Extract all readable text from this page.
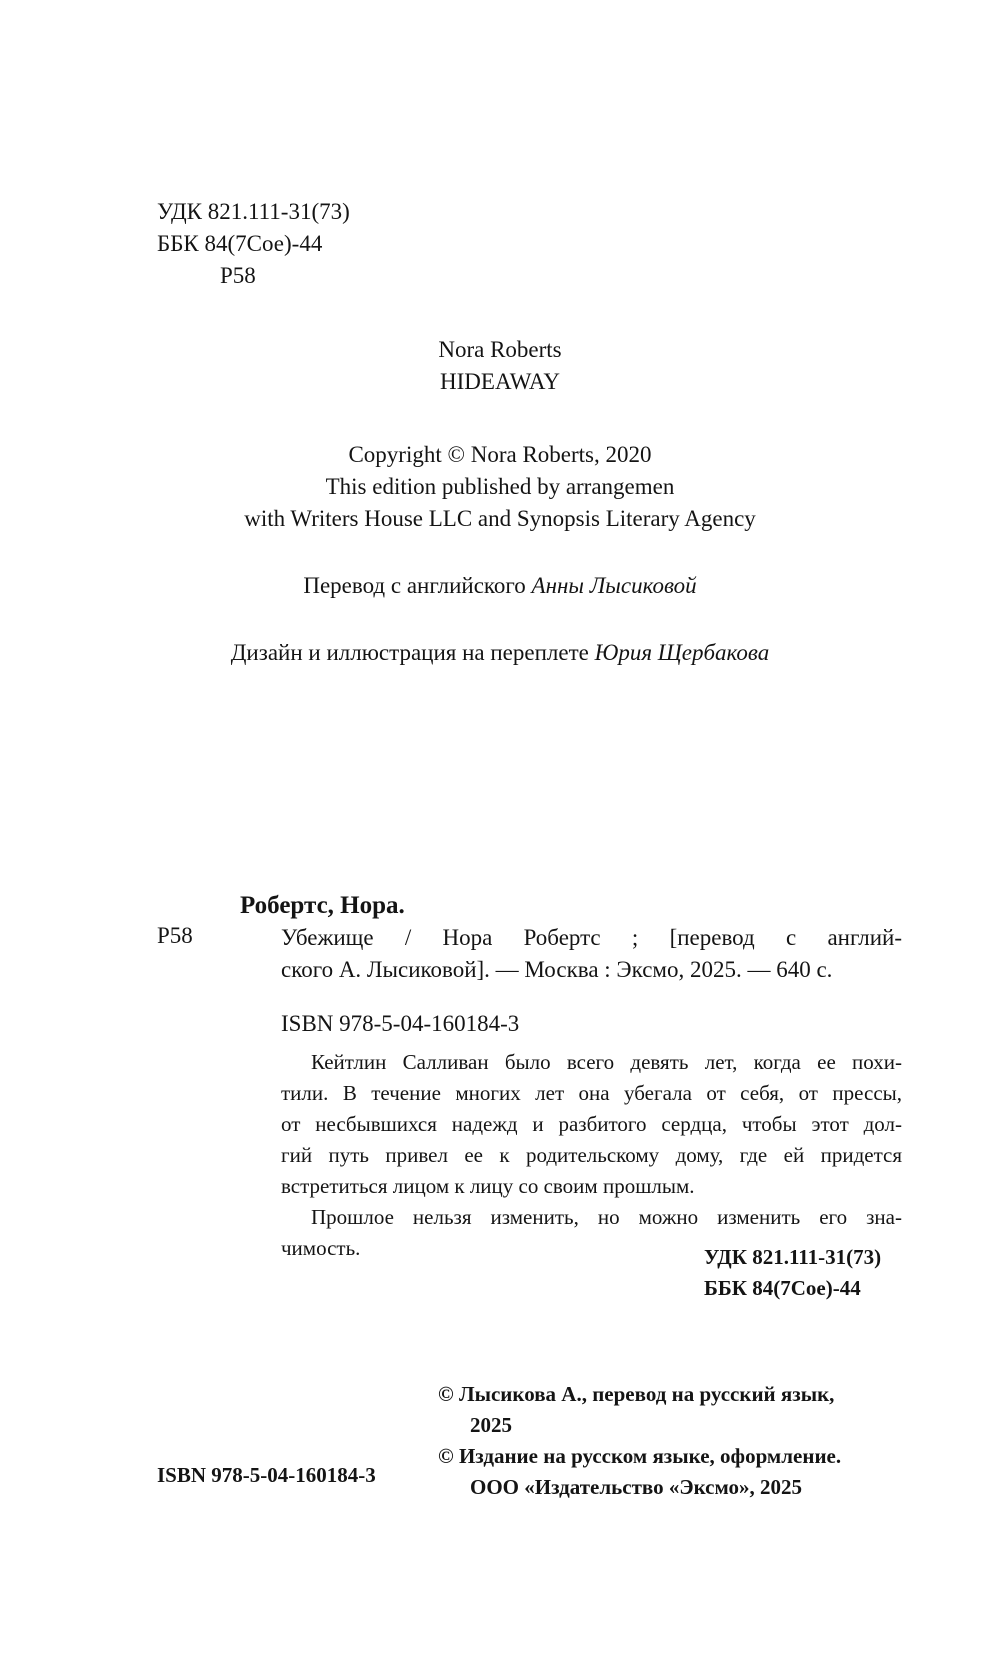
УДК 821.111-31(73)
ББК 84(7Сое)-44
Р58
Nora Roberts
HIDEAWAY
Copyright © Nora Roberts, 2020
This edition published by arrangemen
with Writers House LLC and Synopsis Literary Agency
Перевод с английского Анны Лысиковой
Дизайн и иллюстрация на переплете Юрия Щербакова
Р58
Робертс, Нора.
Убежище / Нора Робертс ; [перевод с англий-
ского А. Лысиковой]. — Москва : Эксмо, 2025. — 640 с.
ISBN 978-5-04-160184-3
Кейтлин Салливан было всего девять лет, когда ее похи-
тили. В течение многих лет она убегала от себя, от прессы,
от несбывшихся надежд и разбитого сердца, чтобы этот дол-
гий путь привел ее к родительскому дому, где ей придется
встретиться лицом к лицу со своим прошлым.
Прошлое нельзя изменить, но можно изменить его зна-
чимость.	УДК 821.111-31(73)
ББК 84(7Сое)-44
© Лысикова А., перевод на русский язык,
2025
© Издание на русском языке, оформление.
ООО «Издательство «Эксмо», 2025
ISBN 978-5-04-160184-3
